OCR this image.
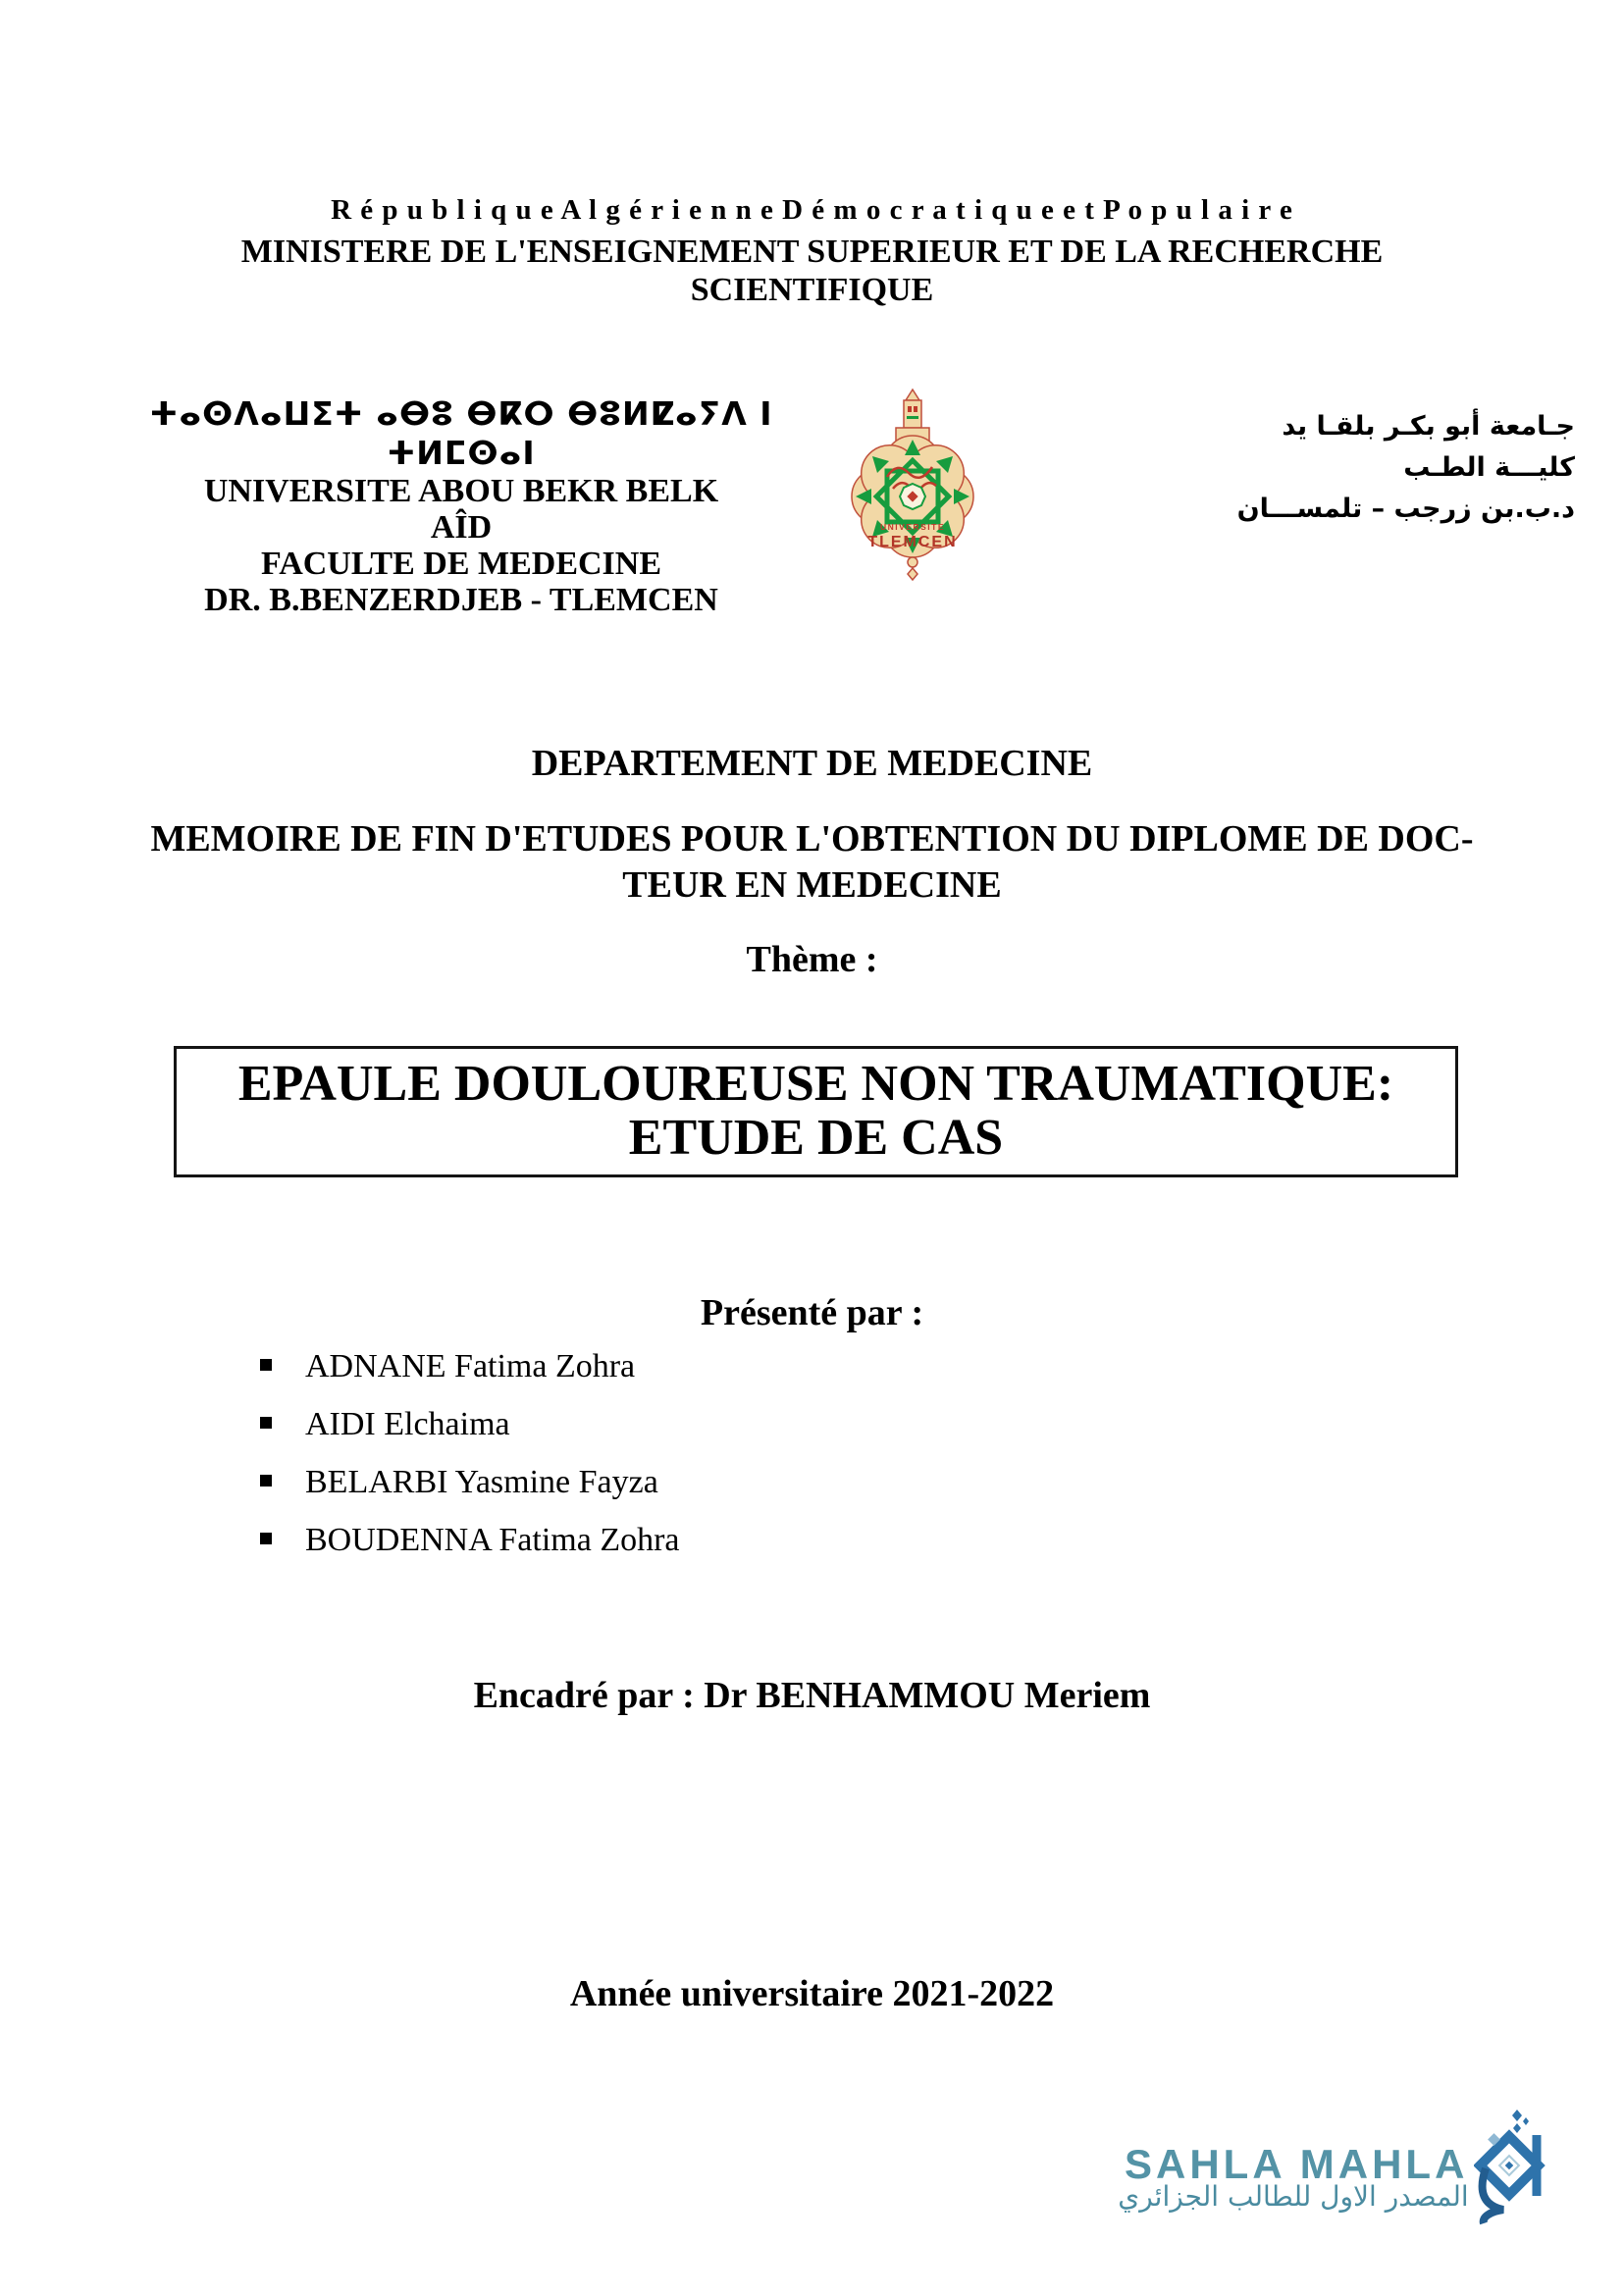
R é p u b l i q u e A l g é r i e n n e D é m o c r a t i q u e e t P o p u l a i r e
MINISTERE DE L'ENSEIGNEMENT SUPERIEUR ET DE LA RECHERCHE
SCIENTIFIQUE
ⵜⴰⵙⴷⴰⵡⵉⵜ ⴰⴱⵓ ⴱⴽⵔ ⴱⵓⵍⵇⴰⵢⴷ ⵏ ⵜⵍⵎⵙⴰⵏ
UNIVERSITE ABOU BEKR BELK
AÎD
FACULTE DE MEDECINE
DR. B.BENZERDJEB - TLEMCEN
UNIVERSITE
TLEMCEN
جـامعة أبو بكـر بلقـا يد
كليـــة الطـب
د.ب.بن زرجب – تلمســـان
DEPARTEMENT DE MEDECINE
MEMOIRE DE FIN D'ETUDES POUR L'OBTENTION DU DIPLOME DE DOC-
TEUR EN MEDECINE
Thème :
EPAULE DOULOUREUSE NON TRAUMATIQUE:
ETUDE DE CAS
Présenté par :
ADNANE Fatima Zohra
AIDI Elchaima
BELARBI Yasmine Fayza
BOUDENNA Fatima Zohra
Encadré par : Dr BENHAMMOU Meriem
Année universitaire 2021-2022
SAHLA MAHLA
المصدر الاول للطالب الجزائري
